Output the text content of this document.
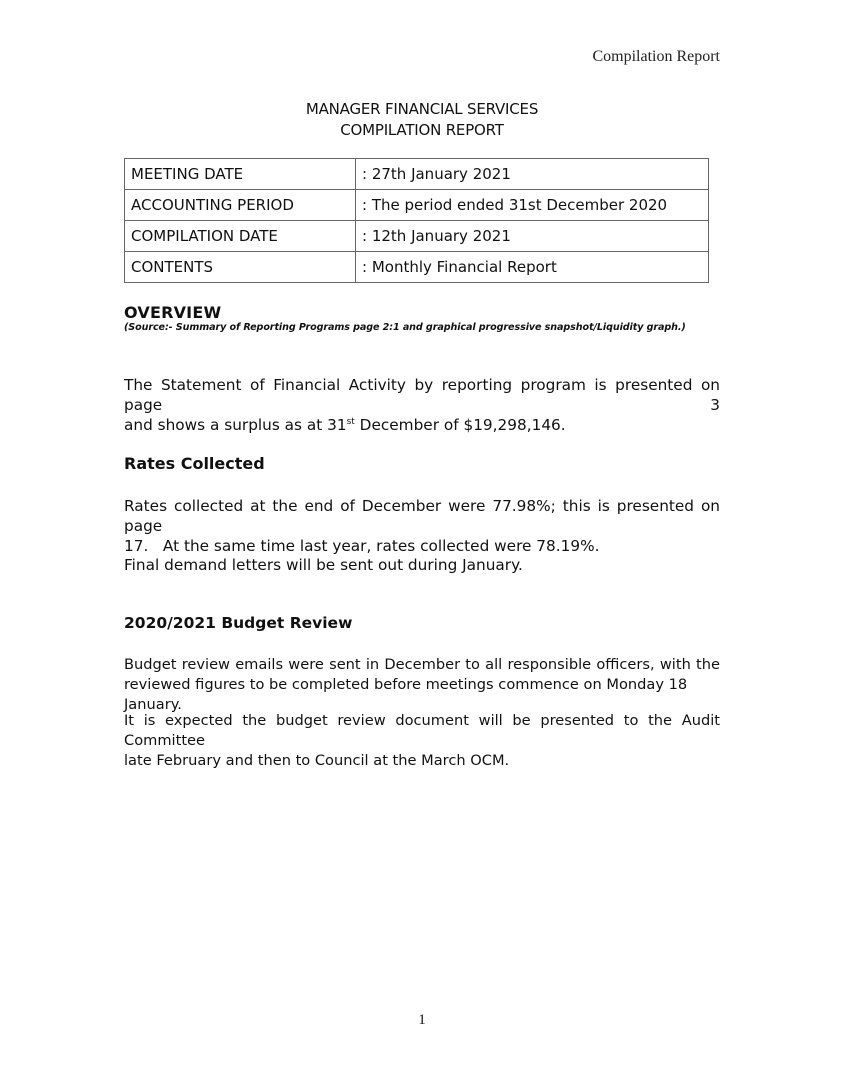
Compilation Report
MANAGER FINANCIAL SERVICES
COMPILATION REPORT
MEETING DATE	: 27th January 2021
ACCOUNTING PERIOD	: The period ended 31st December 2020
COMPILATION DATE	: 12th January 2021
CONTENTS	: Monthly Financial Report
OVERVIEW
(Source:- Summary of Reporting Programs page 2:1 and graphical progressive snapshot/Liquidity graph.)
The Statement of Financial Activity by reporting program is presented on page 3
and shows a surplus as at 31st December of $19,298,146.
Rates Collected
Rates collected at the end of December were 77.98%; this is presented on page
17.   At the same time last year, rates collected were 78.19%.
Final demand letters will be sent out during January.
2020/2021 Budget Review
Budget review emails were sent in December to all responsible officers, with the
reviewed figures to be completed before meetings commence on Monday 18 January.
It is expected the budget review document will be presented to the Audit Committee
late February and then to Council at the March OCM.
1
